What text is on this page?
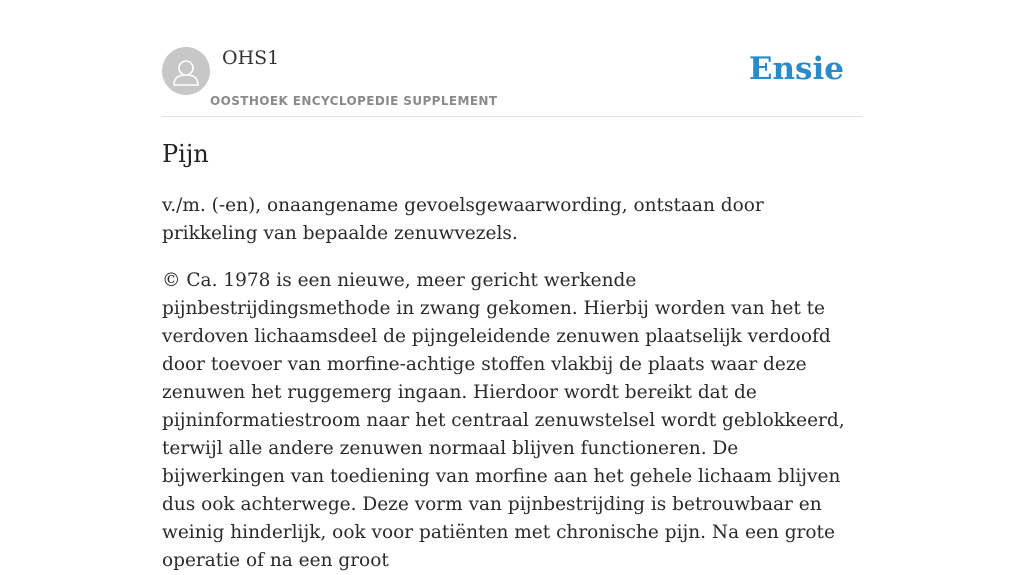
OHS1
OOSTHOEK ENCYCLOPEDIE SUPPLEMENT
Ensie
Pijn

v./m. (-en), onaangename gevoelsgewaarwording, ontstaan door prikkeling van bepaalde zenuwvezels.

© Ca. 1978 is een nieuwe, meer gericht werkende pijnbestrijdingsmethode in zwang gekomen. Hierbij worden van het te verdoven lichaamsdeel de pijngeleidende zenuwen plaatselijk verdoofd door toevoer van morfine-achtige stoffen vlakbij de plaats waar deze zenuwen het ruggemerg ingaan. Hierdoor wordt bereikt dat de pijninformatiestroom naar het centraal zenuwstelsel wordt geblokkeerd, terwijl alle andere zenuwen normaal blijven functioneren. De bijwerkingen van toediening van morfine aan het gehele lichaam blijven dus ook achterwege. Deze vorm van pijnbestrijding is betrouwbaar en weinig hinderlijk, ook voor patiënten met chronische pijn. Na een grote operatie of na een groot
